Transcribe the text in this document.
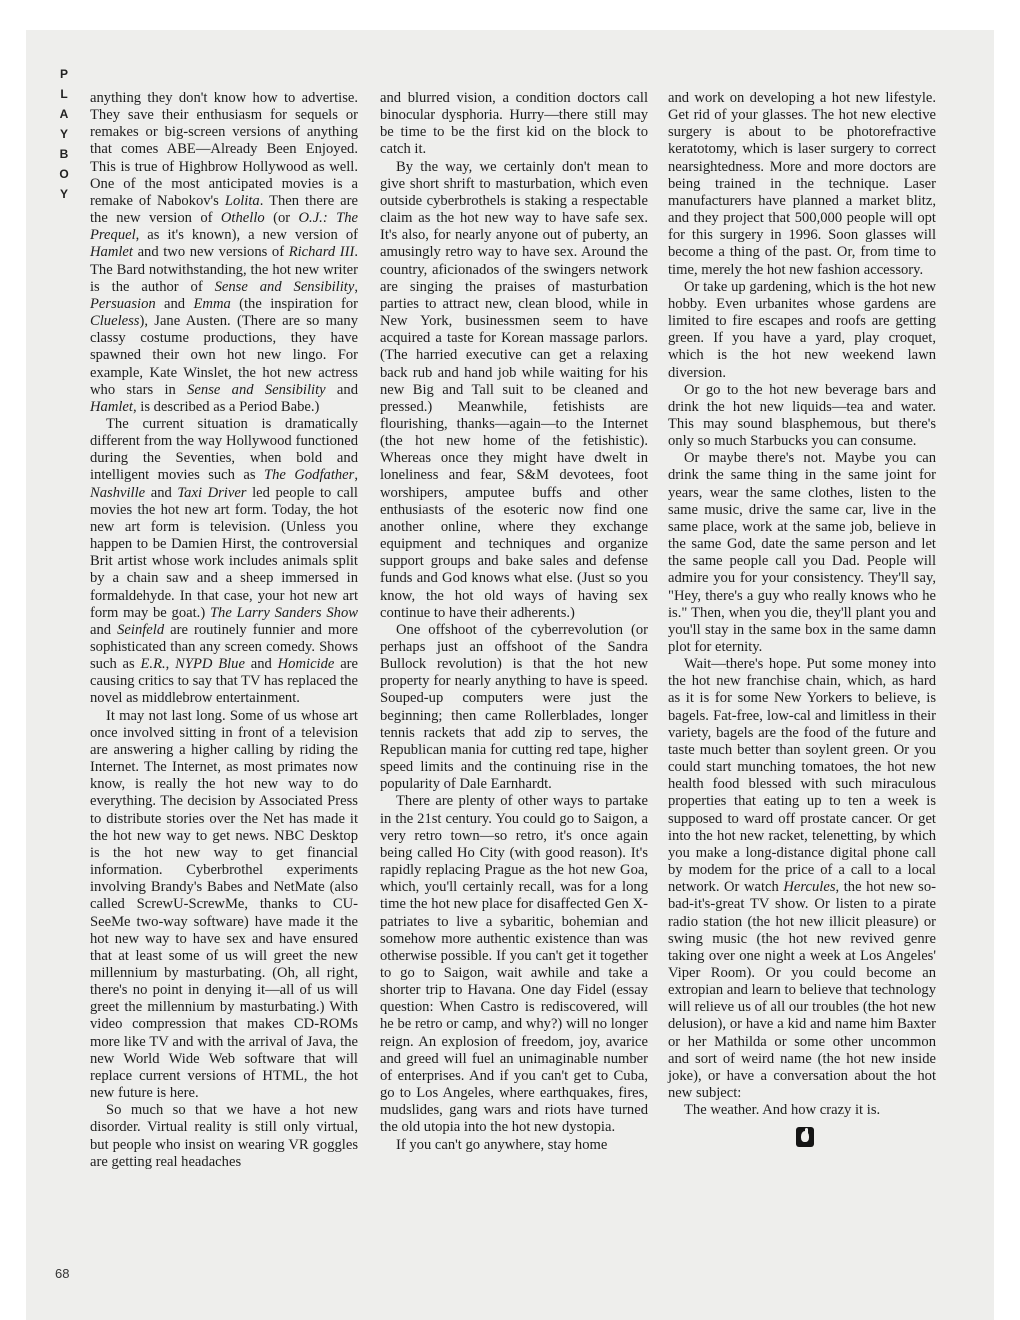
P
L
A
Y
B
O
Y

anything they don't know how to advertise. They save their enthusiasm for sequels or remakes or big-screen versions of anything that comes ABE—Already Been Enjoyed. This is true of Highbrow Hollywood as well. One of the most anticipated movies is a remake of Nabokov's Lolita. Then there are the new version of Othello (or O.J.: The Prequel, as it's known), a new version of Hamlet and two new versions of Richard III. The Bard notwithstanding, the hot new writer is the author of Sense and Sensibility, Persuasion and Emma (the inspiration for Clueless), Jane Austen. (There are so many classy costume productions, they have spawned their own hot new lingo. For example, Kate Winslet, the hot new actress who stars in Sense and Sensibility and Hamlet, is described as a Period Babe.)

The current situation is dramatically different from the way Hollywood functioned during the Seventies, when bold and intelligent movies such as The Godfather, Nashville and Taxi Driver led people to call movies the hot new art form. Today, the hot new art form is television. (Unless you happen to be Damien Hirst, the controversial Brit artist whose work includes animals split by a chain saw and a sheep immersed in formaldehyde. In that case, your hot new art form may be goat.) The Larry Sanders Show and Seinfeld are routinely funnier and more sophisticated than any screen comedy. Shows such as E.R., NYPD Blue and Homicide are causing critics to say that TV has replaced the novel as middlebrow entertainment.

It may not last long. Some of us whose art once involved sitting in front of a television are answering a higher calling by riding the Internet. The Internet, as most primates now know, is really the hot new way to do everything. The decision by Associated Press to distribute stories over the Net has made it the hot new way to get news. NBC Desktop is the hot new way to get financial information. Cyberbrothel experiments involving Brandy's Babes and NetMate (also called ScrewU-ScrewMe, thanks to CU-SeeMe two-way software) have made it the hot new way to have sex and have ensured that at least some of us will greet the new millennium by masturbating. (Oh, all right, there's no point in denying it—all of us will greet the millennium by masturbating.) With video compression that makes CD-ROMs more like TV and with the arrival of Java, the new World Wide Web software that will replace current versions of HTML, the hot new future is here.

So much so that we have a hot new disorder. Virtual reality is still only virtual, but people who insist on wearing VR goggles are getting real headaches

and blurred vision, a condition doctors call binocular dysphoria. Hurry—there still may be time to be the first kid on the block to catch it.

By the way, we certainly don't mean to give short shrift to masturbation, which even outside cyberbrothels is staking a respectable claim as the hot new way to have safe sex. It's also, for nearly anyone out of puberty, an amusingly retro way to have sex. Around the country, aficionados of the swingers network are singing the praises of masturbation parties to attract new, clean blood, while in New York, businessmen seem to have acquired a taste for Korean massage parlors. (The harried executive can get a relaxing back rub and hand job while waiting for his new Big and Tall suit to be cleaned and pressed.) Meanwhile, fetishists are flourishing, thanks—again—to the Internet (the hot new home of the fetishistic). Whereas once they might have dwelt in loneliness and fear, S&M devotees, foot worshipers, amputee buffs and other enthusiasts of the esoteric now find one another online, where they exchange equipment and techniques and organize support groups and bake sales and defense funds and God knows what else. (Just so you know, the hot old ways of having sex continue to have their adherents.)

One offshoot of the cyberrevolution (or perhaps just an offshoot of the Sandra Bullock revolution) is that the hot new property for nearly anything to have is speed. Souped-up computers were just the beginning; then came Rollerblades, longer tennis rackets that add zip to serves, the Republican mania for cutting red tape, higher speed limits and the continuing rise in the popularity of Dale Earnhardt.

There are plenty of other ways to partake in the 21st century. You could go to Saigon, a very retro town—so retro, it's once again being called Ho City (with good reason). It's rapidly replacing Prague as the hot new Goa, which, you'll certainly recall, was for a long time the hot new place for disaffected Gen X-patriates to live a sybaritic, bohemian and somehow more authentic existence than was otherwise possible. If you can't get it together to go to Saigon, wait awhile and take a shorter trip to Havana. One day Fidel (essay question: When Castro is rediscovered, will he be retro or camp, and why?) will no longer reign. An explosion of freedom, joy, avarice and greed will fuel an unimaginable number of enterprises. And if you can't get to Cuba, go to Los Angeles, where earthquakes, fires, mudslides, gang wars and riots have turned the old utopia into the hot new dystopia.

If you can't go anywhere, stay home

and work on developing a hot new lifestyle. Get rid of your glasses. The hot new elective surgery is about to be photorefractive keratotomy, which is laser surgery to correct nearsightedness. More and more doctors are being trained in the technique. Laser manufacturers have planned a market blitz, and they project that 500,000 people will opt for this surgery in 1996. Soon glasses will become a thing of the past. Or, from time to time, merely the hot new fashion accessory.

Or take up gardening, which is the hot new hobby. Even urbanites whose gardens are limited to fire escapes and roofs are getting green. If you have a yard, play croquet, which is the hot new weekend lawn diversion.

Or go to the hot new beverage bars and drink the hot new liquids—tea and water. This may sound blasphemous, but there's only so much Starbucks you can consume.

Or maybe there's not. Maybe you can drink the same thing in the same joint for years, wear the same clothes, listen to the same music, drive the same car, live in the same place, work at the same job, believe in the same God, date the same person and let the same people call you Dad. People will admire you for your consistency. They'll say, "Hey, there's a guy who really knows who he is." Then, when you die, they'll plant you and you'll stay in the same box in the same damn plot for eternity.

Wait—there's hope. Put some money into the hot new franchise chain, which, as hard as it is for some New Yorkers to believe, is bagels. Fat-free, low-cal and limitless in their variety, bagels are the food of the future and taste much better than soylent green. Or you could start munching tomatoes, the hot new health food blessed with such miraculous properties that eating up to ten a week is supposed to ward off prostate cancer. Or get into the hot new racket, telenetting, by which you make a long-distance digital phone call by modem for the price of a call to a local network. Or watch Hercules, the hot new so-bad-it's-great TV show. Or listen to a pirate radio station (the hot new illicit pleasure) or swing music (the hot new revived genre taking over one night a week at Los Angeles' Viper Room). Or you could become an extropian and learn to believe that technology will relieve us of all our troubles (the hot new delusion), or have a kid and name him Baxter or her Mathilda or some other uncommon and sort of weird name (the hot new inside joke), or have a conversation about the hot new subject:

The weather. And how crazy it is.

68
